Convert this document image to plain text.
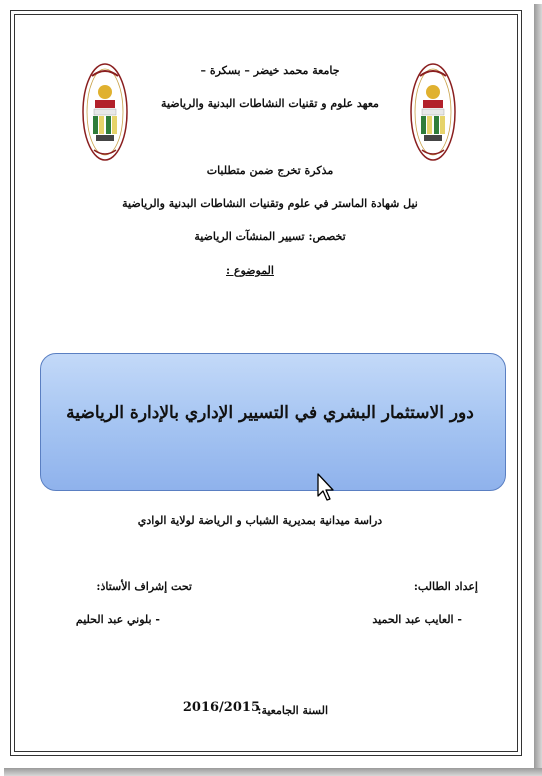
جامعة محمد خيضر – بسكرة –
معهد علوم و تقنيات النشاطات البدنية والرياضية
مذكرة تخرج ضمن متطلبات
نيل شهادة الماستر في علوم وتقنيات النشاطات البدنية والرياضية
تخصص: تسيير المنشآت الرياضية
الموضوع :
دور الاستثمار البشري في التسيير الإداري بالإدارة الرياضية
دراسة ميدانية بمديرية الشباب و الرياضة لولاية الوادي
إعداد الطالب:
تحت إشراف الأستاذ:
- العايب عبد الحميد
- بلوني عبد الحليم
السنة الجامعية:
2016/2015
